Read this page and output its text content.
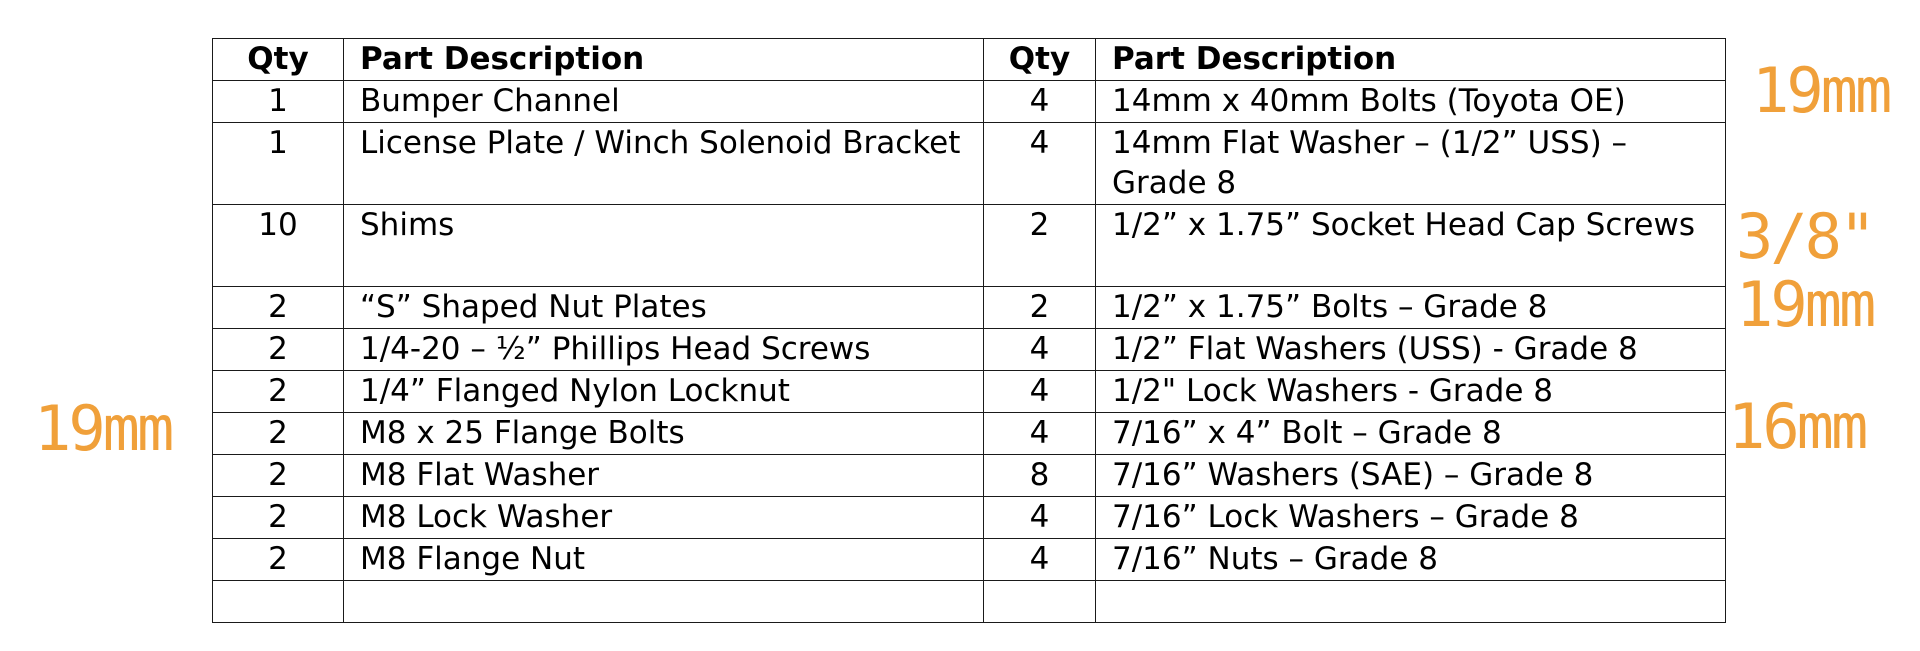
Qty	Part Description	Qty	Part Description
1	Bumper Channel	4	14mm x 40mm Bolts (Toyota OE)
1	License Plate / Winch Solenoid Bracket	4	14mm Flat Washer – (1/2” USS) – Grade 8
10	Shims	2	1/2” x 1.75” Socket Head Cap Screws
2	“S” Shaped Nut Plates	2	1/2” x 1.75” Bolts – Grade 8
2	1/4-20 – ½” Phillips Head Screws	4	1/2” Flat Washers (USS) - Grade 8
2	1/4” Flanged Nylon Locknut	4	1/2" Lock Washers - Grade 8
2	M8 x 25 Flange Bolts	4	7/16” x 4” Bolt – Grade 8
2	M8 Flat Washer	8	7/16” Washers (SAE) – Grade 8
2	M8 Lock Washer	4	7/16” Lock Washers – Grade 8
2	M8 Flange Nut	4	7/16” Nuts – Grade 8

19mm
19mm
3/8"
19mm
16mm
